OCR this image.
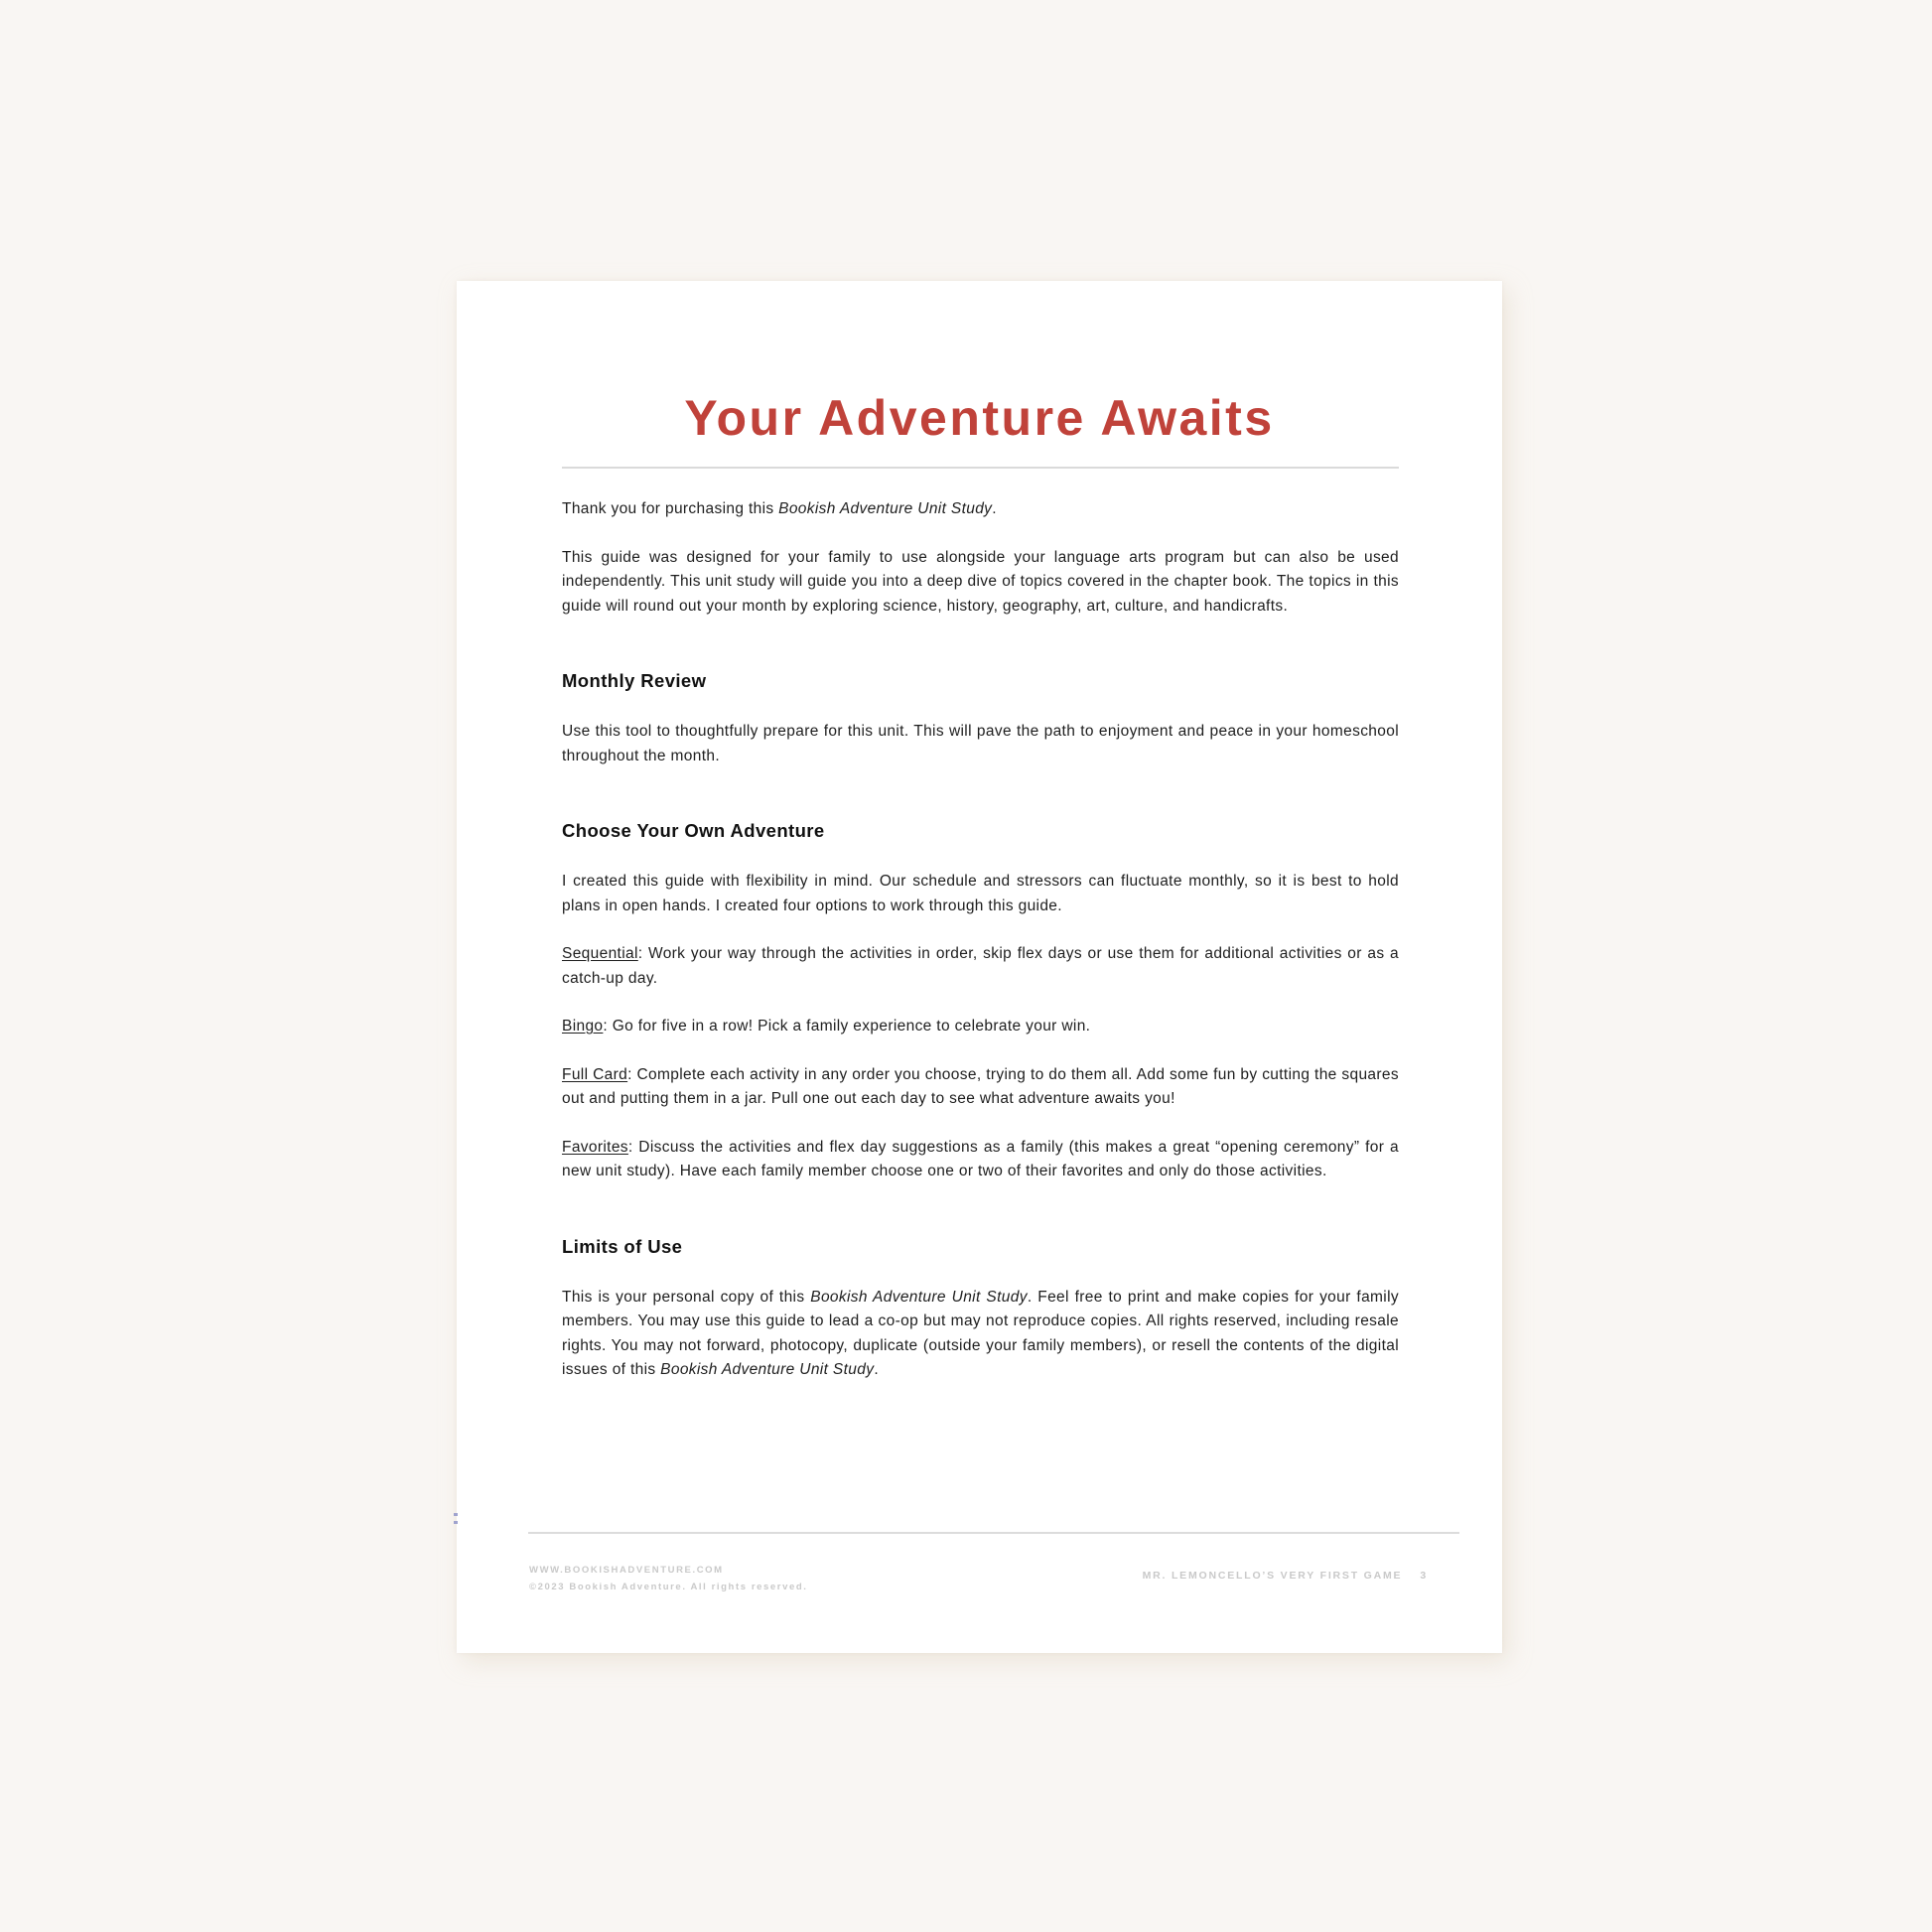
Your Adventure Awaits

Thank you for purchasing this Bookish Adventure Unit Study.

This guide was designed for your family to use alongside your language arts program but can also be used independently. This unit study will guide you into a deep dive of topics covered in the chapter book. The topics in this guide will round out your month by exploring science, history, geography, art, culture, and handicrafts.

Monthly Review

Use this tool to thoughtfully prepare for this unit. This will pave the path to enjoyment and peace in your homeschool throughout the month.

Choose Your Own Adventure

I created this guide with flexibility in mind. Our schedule and stressors can fluctuate monthly, so it is best to hold plans in open hands. I created four options to work through this guide.

Sequential: Work your way through the activities in order, skip flex days or use them for additional activities or as a catch-up day.

Bingo: Go for five in a row! Pick a family experience to celebrate your win.

Full Card: Complete each activity in any order you choose, trying to do them all. Add some fun by cutting the squares out and putting them in a jar. Pull one out each day to see what adventure awaits you!

Favorites: Discuss the activities and flex day suggestions as a family (this makes a great “opening ceremony” for a new unit study). Have each family member choose one or two of their favorites and only do those activities.

Limits of Use

This is your personal copy of this Bookish Adventure Unit Study. Feel free to print and make copies for your family members. You may use this guide to lead a co-op but may not reproduce copies. All rights reserved, including resale rights. You may not forward, photocopy, duplicate (outside your family members), or resell the contents of the digital issues of this Bookish Adventure Unit Study.

WWW.BOOKISHADVENTURE.COM
©2023 Bookish Adventure. All rights reserved.
MR. LEMONCELLO’S VERY FIRST GAME 3
